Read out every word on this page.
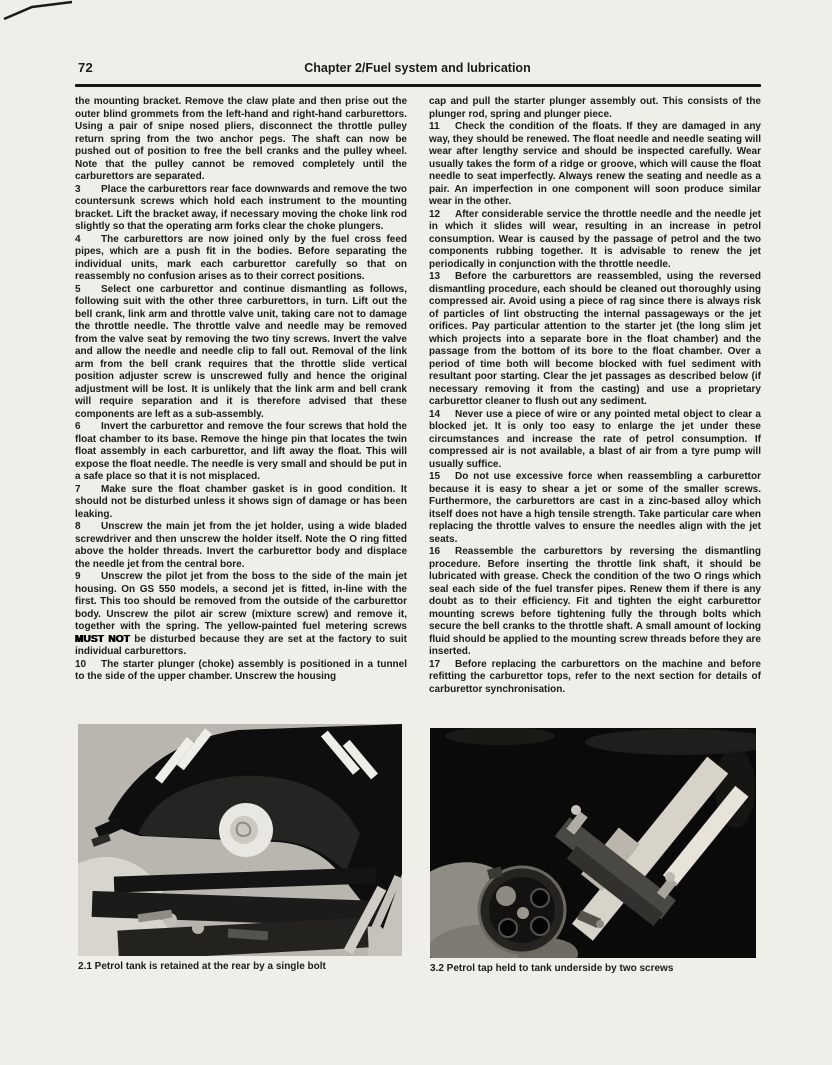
72	Chapter 2/Fuel system and lubrication

the mounting bracket. Remove the claw plate and then prise out the outer blind grommets from the left-hand and right-hand carburettors. Using a pair of snipe nosed pliers, disconnect the throttle pulley return spring from the two anchor pegs. The shaft can now be pushed out of position to free the bell cranks and the pulley wheel. Note that the pulley cannot be removed completely until the carburettors are separated.

3 Place the carburettors rear face downwards and remove the two countersunk screws which hold each instrument to the mounting bracket. Lift the bracket away, if necessary moving the choke link rod slightly so that the operating arm forks clear the choke plungers.

4 The carburettors are now joined only by the fuel cross feed pipes, which are a push fit in the bodies. Before separating the individual units, mark each carburettor carefully so that on reassembly no confusion arises as to their correct positions.

5 Select one carburettor and continue dismantling as follows, following suit with the other three carburettors, in turn. Lift out the bell crank, link arm and throttle valve unit, taking care not to damage the throttle needle. The throttle valve and needle may be removed from the valve seat by removing the two tiny screws. Invert the valve and allow the needle and needle clip to fall out. Removal of the link arm from the bell crank requires that the throttle slide vertical position adjuster screw is unscrewed fully and hence the original adjustment will be lost. It is unlikely that the link arm and bell crank will require separation and it is therefore advised that these components are left as a sub-assembly.

6 Invert the carburettor and remove the four screws that hold the float chamber to its base. Remove the hinge pin that locates the twin float assembly in each carburettor, and lift away the float. This will expose the float needle. The needle is very small and should be put in a safe place so that it is not misplaced.

7 Make sure the float chamber gasket is in good condition. It should not be disturbed unless it shows sign of damage or has been leaking.

8 Unscrew the main jet from the jet holder, using a wide bladed screwdriver and then unscrew the holder itself. Note the O ring fitted above the holder threads. Invert the carburettor body and displace the needle jet from the central bore.

9 Unscrew the pilot jet from the boss to the side of the main jet housing. On GS 550 models, a second jet is fitted, in-line with the first. This too should be removed from the outside of the carburettor body. Unscrew the pilot air screw (mixture screw) and remove it, together with the spring. The yellow-painted fuel metering screws MUST NOT be disturbed because they are set at the factory to suit individual carburettors.

10 The starter plunger (choke) assembly is positioned in a tunnel to the side of the upper chamber. Unscrew the housing

cap and pull the starter plunger assembly out. This consists of the plunger rod, spring and plunger piece.

11 Check the condition of the floats. If they are damaged in any way, they should be renewed. The float needle and needle seating will wear after lengthy service and should be inspected carefully. Wear usually takes the form of a ridge or groove, which will cause the float needle to seat imperfectly. Always renew the seating and needle as a pair. An imperfection in one component will soon produce similar wear in the other.

12 After considerable service the throttle needle and the needle jet in which it slides will wear, resulting in an increase in petrol consumption. Wear is caused by the passage of petrol and the two components rubbing together. It is advisable to renew the jet periodically in conjunction with the throttle needle.

13 Before the carburettors are reassembled, using the reversed dismantling procedure, each should be cleaned out thoroughly using compressed air. Avoid using a piece of rag since there is always risk of particles of lint obstructing the internal passageways or the jet orifices. Pay particular attention to the starter jet (the long slim jet which projects into a separate bore in the float chamber) and the passage from the bottom of its bore to the float chamber. Over a period of time both will become blocked with fuel sediment with resultant poor starting. Clear the jet passages as described below (if necessary removing it from the casting) and use a proprietary carburettor cleaner to flush out any sediment.

14 Never use a piece of wire or any pointed metal object to clear a blocked jet. It is only too easy to enlarge the jet under these circumstances and increase the rate of petrol consumption. If compressed air is not available, a blast of air from a tyre pump will usually suffice.

15 Do not use excessive force when reassembling a carburettor because it is easy to shear a jet or some of the smaller screws. Furthermore, the carburettors are cast in a zinc-based alloy which itself does not have a high tensile strength. Take particular care when replacing the throttle valves to ensure the needles align with the jet seats.

16 Reassemble the carburettors by reversing the dismantling procedure. Before inserting the throttle link shaft, it should be lubricated with grease. Check the condition of the two O rings which seal each side of the fuel transfer pipes. Renew them if there is any doubt as to their efficiency. Fit and tighten the eight carburettor mounting screws before tightening fully the through bolts which secure the bell cranks to the throttle shaft. A small amount of locking fluid should be applied to the mounting screw threads before they are inserted.

17 Before replacing the carburettors on the machine and before refitting the carburettor tops, refer to the next section for details of carburettor synchronisation.

2.1 Petrol tank is retained at the rear by a single bolt	3.2 Petrol tap held to tank underside by two screws
